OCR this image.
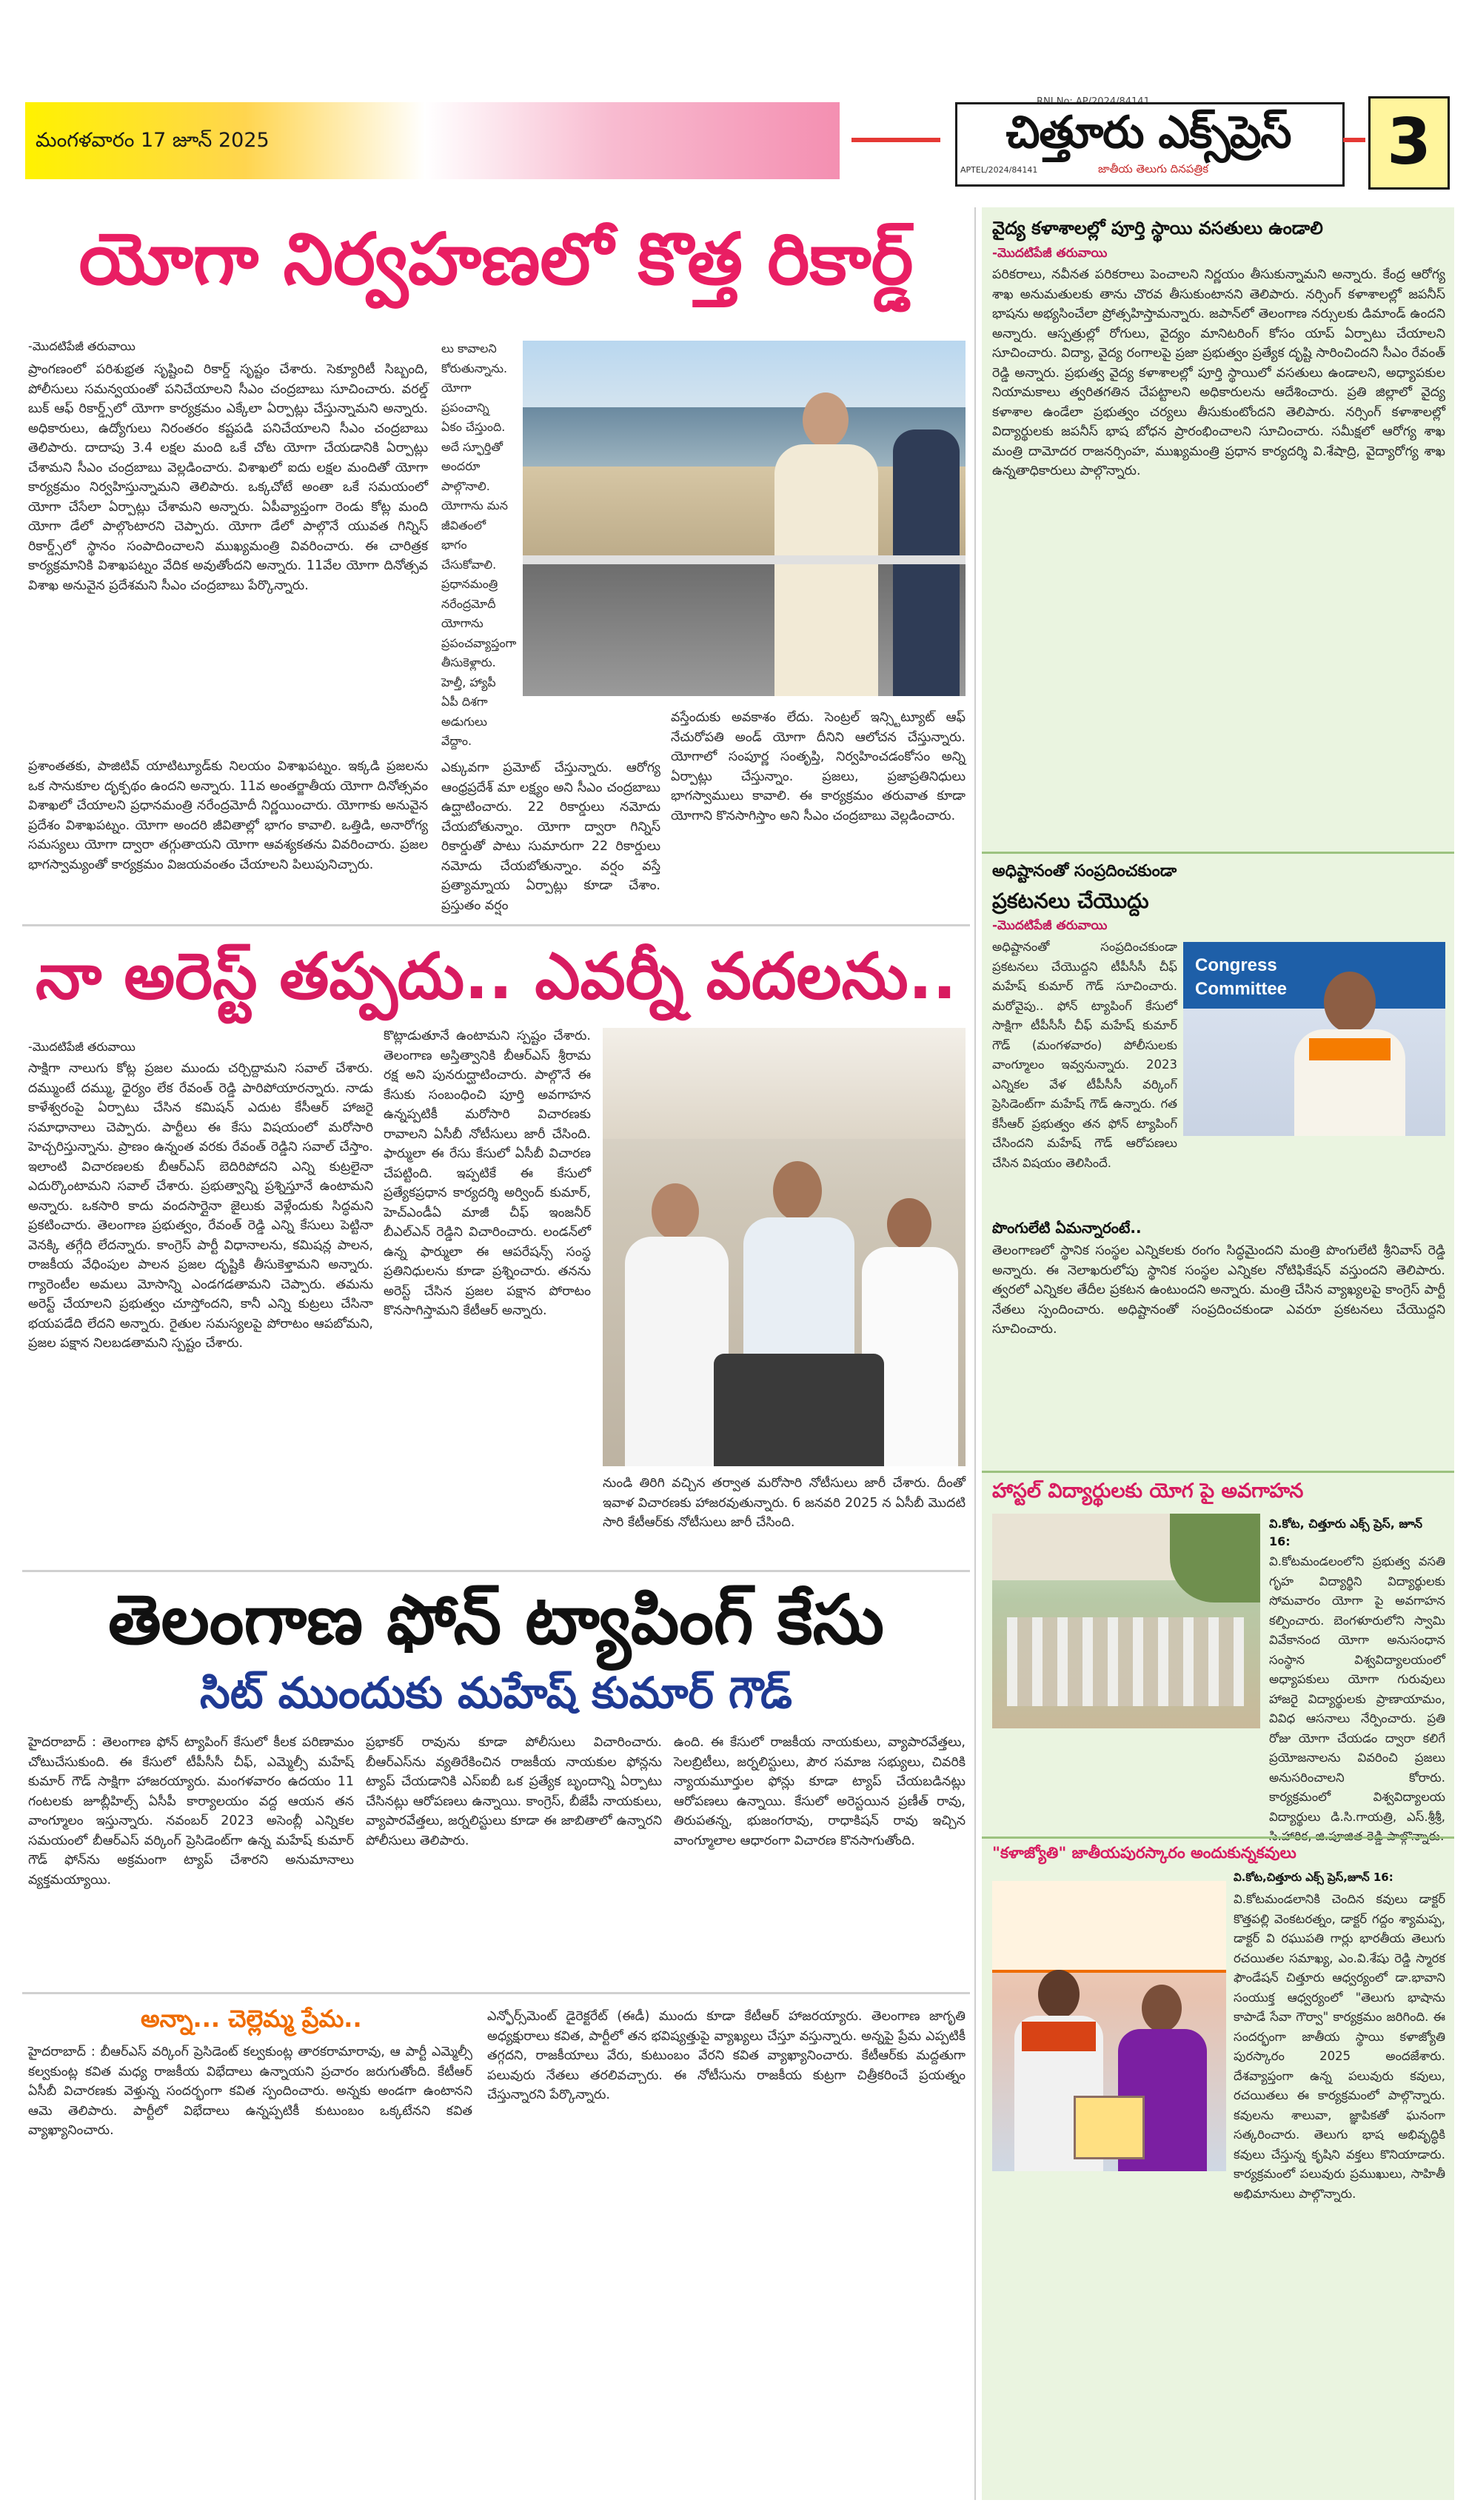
మంగళవారం 17 జూన్ 2025	చిత్తూరు ఎక్స్‌ప్రెస్
జాతీయ తెలుగు దినపత్రిక
APTEL/2024/84141	3
యోగా నిర్వహణలో కొత్త రికార్డ్
-మొదటిపేజీ తరువాయి
ప్రాంగణంలో పరిశుభ్రత సృష్టించి రికార్డ్ సృష్టం చేశారు. సెక్యూరిటీ సిబ్బంది, పోలీసులు సమన్వయంతో పనిచేయాలని సీఎం చంద్రబాబు సూచించారు. వరల్డ్ బుక్ ఆఫ్ రికార్డ్స్‌లో యోగా కార్యక్రమం ఎక్కేలా ఏర్పాట్లు చేస్తున్నామని అన్నారు. అధికారులు, ఉద్యోగులు నిరంతరం కష్టపడి పనిచేయాలని సీఎం చంద్రబాబు తెలిపారు. దాదాపు 3.4 లక్షల మంది ఒకే చోట యోగా చేయడానికి ఏర్పాట్లు చేశామని సీఎం చంద్రబాబు వెల్లడించారు. విశాఖలో ఐదు లక్షల మందితో యోగా కార్యక్రమం నిర్వహిస్తున్నామని తెలిపారు. ఒక్కచోటే అంతా ఒకే సమయంలో యోగా చేసేలా ఏర్పాట్లు చేశామని అన్నారు. ఏపీవ్యాప్తంగా రెండు కోట్ల మంది యోగా డేలో పాల్గొంటారని చెప్పారు. యోగా డేలో పాల్గొనే యువత గిన్నిస్ రికార్డ్స్‌లో స్థానం సంపాదించాలని ముఖ్యమంత్రి వివరించారు. ఈ చారిత్రక కార్యక్రమానికి విశాఖపట్నం వేదిక అవుతోందని అన్నారు. 11వేల యోగా దినోత్సవ విశాఖ అనువైన ప్రదేశమని సీఎం చంద్రబాబు పేర్కొన్నారు.
ప్రశాంతతకు, పాజిటివ్ యాటిట్యూడ్‌కు నిలయం విశాఖపట్నం. ఇక్కడి ప్రజలను ఒక సానుకూల దృక్పథం ఉందని అన్నారు. 11వ అంతర్జాతీయ యోగా దినోత్సవం విశాఖలో చేయాలని ప్రధానమంత్రి నరేంద్రమోదీ నిర్ణయించారు. యోగాకు అనువైన ప్రదేశం విశాఖపట్నం. యోగా అందరి జీవితాల్లో భాగం కావాలి. ఒత్తిడి, అనారోగ్య సమస్యలు యోగా ద్వారా తగ్గుతాయని యోగా ఆవశ్యకతను వివరించారు. ప్రజల భాగస్వామ్యంతో కార్యక్రమం విజయవంతం చేయాలని పిలుపునిచ్చారు.
లు కావాలని కోరుతున్నాను. యోగా ప్రపంచాన్ని ఏకం చేస్తుంది. అదే స్ఫూర్తితో అందరూ పాల్గొనాలి. యోగాను మన జీవితంలో భాగం చేసుకోవాలి. ప్రధానమంత్రి నరేంద్రమోదీ యోగాను ప్రపంచవ్యాప్తంగా తీసుకెళ్లారు. హెల్తీ, హ్యాపీ ఏపీ దిశగా అడుగులు వేద్దాం.
ఎక్కువగా ప్రమోట్ చేస్తున్నారు. ఆరోగ్య ఆంధ్రప్రదేశ్ మా లక్ష్యం అని సీఎం చంద్రబాబు ఉద్ఘాటించారు. 22 రికార్డులు నమోదు చేయబోతున్నాం. యోగా ద్వారా గిన్నిస్ రికార్డుతో పాటు సుమారుగా 22 రికార్డులు నమోదు చేయబోతున్నాం. వర్షం వస్తే ప్రత్యామ్నాయ ఏర్పాట్లు కూడా చేశాం. ప్రస్తుతం వర్షం
వస్తేందుకు అవకాశం లేదు. సెంట్రల్ ఇన్స్టిట్యూట్ ఆఫ్ నేచురోపతి అండ్ యోగా దీనిని ఆలోచన చేస్తున్నారు. యోగాలో సంపూర్ణ సంతృప్తి, నిర్వహించడంకోసం అన్ని ఏర్పాట్లు చేస్తున్నాం. ప్రజలు, ప్రజాప్రతినిధులు భాగస్వాములు కావాలి. ఈ కార్యక్రమం తరువాత కూడా యోగాని కొనసాగిస్తాం అని సీఎం చంద్రబాబు వెల్లడించారు.
నా అరెస్ట్ తప్పదు.. ఎవర్నీ వదలను..
-మొదటిపేజీ తరువాయి
సాక్షిగా నాలుగు కోట్ల ప్రజల ముందు చర్చిద్దామని సవాల్ చేశారు. దమ్ముంటే దమ్ము, ధైర్యం లేక రేవంత్ రెడ్డి పారిపోయారన్నారు. నాడు కాళేశ్వరంపై ఏర్పాటు చేసిన కమిషన్ ఎదుట కేసీఆర్ హాజరై సమాధానాలు చెప్పారు. పార్టీలు ఈ కేసు విషయంలో మరోసారి హెచ్చరిస్తున్నాను. ప్రాణం ఉన్నంత వరకు రేవంత్ రెడ్డిని సవాల్ చేస్తాం. ఇలాంటి విచారణలకు బీఆర్ఎస్ బెదిరిపోదని ఎన్ని కుట్రలైనా ఎదుర్కొంటామని సవాల్ చేశారు. ప్రభుత్వాన్ని ప్రశ్నిస్తూనే ఉంటామని అన్నారు. ఒకసారి కాదు వందసార్లైనా జైలుకు వెళ్లేందుకు సిద్ధమని ప్రకటించారు. తెలంగాణ ప్రభుత్వం, రేవంత్ రెడ్డి ఎన్ని కేసులు పెట్టినా వెనక్కి తగ్గేది లేదన్నారు. కాంగ్రెస్ పార్టీ విధానాలను, కమిషన్ల పాలన, రాజకీయ వేధింపుల పాలన ప్రజల దృష్టికి తీసుకెళ్తామని అన్నారు. గ్యారెంటీల అమలు మోసాన్ని ఎండగడతామని చెప్పారు. తమను అరెస్ట్ చేయాలని ప్రభుత్వం చూస్తోందని, కానీ ఎన్ని కుట్రలు చేసినా భయపడేది లేదని అన్నారు. రైతుల సమస్యలపై పోరాటం ఆపబోమని, ప్రజల పక్షాన నిలబడతామని స్పష్టం చేశారు.
కొట్లాడుతూనే ఉంటామని స్పష్టం చేశారు. తెలంగాణ అస్తిత్వానికి బీఆర్ఎస్ శ్రీరామ రక్ష అని పునరుద్ఘాటించారు. పాల్గొనే ఈ కేసుకు సంబంధించి పూర్తి అవగాహన ఉన్నప్పటికీ మరోసారి విచారణకు రావాలని ఏసీబీ నోటీసులు జారీ చేసింది. ఫార్ములా ఈ రేసు కేసులో ఏసీబీ విచారణ చేపట్టింది. ఇప్పటికే ఈ కేసులో ప్రత్యేకప్రధాన కార్యదర్శి అర్వింద్ కుమార్, హెచ్ఎండీఏ మాజీ చీఫ్ ఇంజనీర్ బీఎల్ఎన్ రెడ్డిని విచారించారు. లండన్‌లో ఉన్న ఫార్ములా ఈ ఆపరేషన్స్ సంస్థ ప్రతినిధులను కూడా ప్రశ్నించారు. తనను అరెస్ట్ చేసిన ప్రజల పక్షాన పోరాటం కొనసాగిస్తామని కేటీఆర్ అన్నారు.
నుండి తిరిగి వచ్చిన తర్వాత మరోసారి నోటీసులు జారీ చేశారు. దీంతో ఇవాళ విచారణకు హాజరవుతున్నారు. 6 జనవరి 2025 న ఏసీబీ మొదటి సారి కేటీఆర్‌కు నోటీసులు జారీ చేసింది.
తెలంగాణ ఫోన్ ట్యాపింగ్ కేసు
సిట్ ముందుకు మహేష్ కుమార్ గౌడ్
హైదరాబాద్ : తెలంగాణ ఫోన్ ట్యాపింగ్ కేసులో కీలక పరిణామం చోటుచేసుకుంది. ఈ కేసులో టీపీసీసీ చీఫ్, ఎమ్మెల్సీ మహేష్ కుమార్ గౌడ్ సాక్షిగా హాజరయ్యారు. మంగళవారం ఉదయం 11 గంటలకు జూబ్లీహిల్స్ ఏసీపీ కార్యాలయం వద్ద ఆయన తన వాంగ్మూలం ఇస్తున్నారు. నవంబర్ 2023 అసెంబ్లీ ఎన్నికల సమయంలో బీఆర్ఎస్ వర్కింగ్ ప్రెసిడెంట్‌గా ఉన్న మహేష్ కుమార్ గౌడ్ ఫోన్‌ను అక్రమంగా ట్యాప్ చేశారని అనుమానాలు వ్యక్తమయ్యాయి.
ప్రభాకర్ రావును కూడా పోలీసులు విచారించారు. బీఆర్ఎస్‌ను వ్యతిరేకించిన రాజకీయ నాయకుల ఫోన్లను ట్యాప్ చేయడానికి ఎస్ఐబీ ఒక ప్రత్యేక బృందాన్ని ఏర్పాటు చేసినట్లు ఆరోపణలు ఉన్నాయి. కాంగ్రెస్, బీజేపీ నాయకులు, వ్యాపారవేత్తలు, జర్నలిస్టులు కూడా ఈ జాబితాలో ఉన్నారని పోలీసులు తెలిపారు.
ఉంది. ఈ కేసులో రాజకీయ నాయకులు, వ్యాపారవేత్తలు, సెలబ్రిటీలు, జర్నలిస్టులు, పౌర సమాజ సభ్యులు, చివరికి న్యాయమూర్తుల ఫోన్లు కూడా ట్యాప్ చేయబడినట్లు ఆరోపణలు ఉన్నాయి. కేసులో అరెస్టయిన ప్రణీత్ రావు, తిరుపతన్న, భుజంగరావు, రాధాకిషన్ రావు ఇచ్చిన వాంగ్మూలాల ఆధారంగా విచారణ కొనసాగుతోంది.
అన్నా... చెల్లెమ్మ ప్రేమ..
హైదరాబాద్ : బీఆర్ఎస్ వర్కింగ్ ప్రెసిడెంట్ కల్వకుంట్ల తారకరామారావు, ఆ పార్టీ ఎమ్మెల్సీ కల్వకుంట్ల కవిత మధ్య రాజకీయ విభేదాలు ఉన్నాయని ప్రచారం జరుగుతోంది. కేటీఆర్ ఏసీబీ విచారణకు వెళ్తున్న సందర్భంగా కవిత స్పందించారు. అన్నకు అండగా ఉంటానని ఆమె తెలిపారు. పార్టీలో విభేదాలు ఉన్నప్పటికీ కుటుంబం ఒక్కటేనని కవిత వ్యాఖ్యానించారు.
ఎన్ఫోర్స్‌మెంట్ డైరెక్టరేట్ (ఈడీ) ముందు కూడా కేటీఆర్ హాజరయ్యారు. తెలంగాణ జాగృతి అధ్యక్షురాలు కవిత, పార్టీలో తన భవిష్యత్తుపై వ్యాఖ్యలు చేస్తూ వస్తున్నారు. అన్నపై ప్రేమ ఎప్పటికీ తగ్గదని, రాజకీయాలు వేరు, కుటుంబం వేరని కవిత వ్యాఖ్యానించారు. కేటీఆర్‌కు మద్దతుగా పలువురు నేతలు తరలివచ్చారు. ఈ నోటీసును రాజకీయ కుట్రగా చిత్రీకరించే ప్రయత్నం చేస్తున్నారని పేర్కొన్నారు.
వైద్య కళాశాలల్లో పూర్తి స్థాయి వసతులు ఉండాలి
-మొదటిపేజీ తరువాయి
పరికరాలు, నవీనత పరికరాలు పెంచాలని నిర్ణయం తీసుకున్నామని అన్నారు. కేంద్ర ఆరోగ్య శాఖ అనుమతులకు తాను చొరవ తీసుకుంటానని తెలిపారు. నర్సింగ్ కళాశాలల్లో జపనీస్ భాషను అభ్యసించేలా ప్రోత్సహిస్తామన్నారు. జపాన్‌లో తెలంగాణ నర్సులకు డిమాండ్ ఉందని అన్నారు. ఆస్పత్రుల్లో రోగులు, వైద్యం మానిటరింగ్ కోసం యాప్ ఏర్పాటు చేయాలని సూచించారు. విద్యా, వైద్య రంగాలపై ప్రజా ప్రభుత్వం ప్రత్యేక దృష్టి సారించిందని సీఎం రేవంత్ రెడ్డి అన్నారు. ప్రభుత్వ వైద్య కళాశాలల్లో పూర్తి స్థాయిలో వసతులు ఉండాలని, అధ్యాపకుల నియామకాలు త్వరితగతిన చేపట్టాలని అధికారులను ఆదేశించారు. ప్రతి జిల్లాలో వైద్య కళాశాల ఉండేలా ప్రభుత్వం చర్యలు తీసుకుంటోందని తెలిపారు. నర్సింగ్ కళాశాలల్లో విద్యార్థులకు జపనీస్ భాష బోధన ప్రారంభించాలని సూచించారు. సమీక్షలో ఆరోగ్య శాఖ మంత్రి దామోదర రాజనర్సింహ, ముఖ్యమంత్రి ప్రధాన కార్యదర్శి వి.శేషాద్రి, వైద్యారోగ్య శాఖ ఉన్నతాధికారులు పాల్గొన్నారు.
అధిష్టానంతో సంప్రదించకుండా
ప్రకటనలు చేయొద్దు
-మొదటిపేజీ తరువాయి
అధిష్టానంతో సంప్రదించకుండా ప్రకటనలు చేయొద్దని టీపీసీసీ చీఫ్ మహేష్ కుమార్ గౌడ్ సూచించారు. మరోవైపు.. ఫోన్ ట్యాపింగ్ కేసులో సాక్షిగా టీపీసీసీ చీఫ్ మహేష్ కుమార్ గౌడ్ (మంగళవారం) పోలీసులకు వాంగ్మూలం ఇవ్వనున్నారు. 2023 ఎన్నికల వేళ టీపీసీసీ వర్కింగ్ ప్రెసిడెంట్‌గా మహేష్ గౌడ్ ఉన్నారు. గత కేసీఆర్ ప్రభుత్వం తన ఫోన్ ట్యాపింగ్ చేసిందని మహేష్ గౌడ్ ఆరోపణలు చేసిన విషయం తెలిసిందే.
Congress
Committee
పొంగులేటి ఏమన్నారంటే..
తెలంగాణలో స్థానిక సంస్థల ఎన్నికలకు రంగం సిద్ధమైందని మంత్రి పొంగులేటి శ్రీనివాస్ రెడ్డి అన్నారు. ఈ నెలాఖరులోపు స్థానిక సంస్థల ఎన్నికల నోటిఫికేషన్ వస్తుందని తెలిపారు. త్వరలో ఎన్నికల తేదీల ప్రకటన ఉంటుందని అన్నారు. మంత్రి చేసిన వ్యాఖ్యలపై కాంగ్రెస్ పార్టీ నేతలు స్పందించారు. అధిష్టానంతో సంప్రదించకుండా ఎవరూ ప్రకటనలు చేయొద్దని సూచించారు.
హాస్టల్ విద్యార్థులకు యోగ పై అవగాహన
వి.కోట, చిత్తూరు ఎక్స్ ప్రెస్, జూన్ 16:
వి.కోటమండలంలోని ప్రభుత్వ వసతి గృహ విద్యార్థిని విద్యార్థులకు సోమవారం యోగా పై అవగాహన కల్పించారు. బెంగళూరులోని స్వామి వివేకానంద యోగా అనుసంధాన సంస్థాన విశ్వవిద్యాలయంలో అధ్యాపకులు యోగా గురువులు హాజరై విద్యార్థులకు ప్రాణాయామం, వివిధ ఆసనాలు నేర్పించారు. ప్రతి రోజు యోగా చేయడం ద్వారా కలిగే ప్రయోజనాలను వివరించి ప్రజలు అనుసరించాలని కోరారు. కార్యక్రమంలో విశ్వవిద్యాలయ విద్యార్థులు డి.సి.గాయత్రి, ఎస్.శ్రీశ్రీ,
"కళాజ్యోతి" జాతీయపురస్కారం అందుకున్నకవులు
వి.కోట,చిత్తూరు ఎక్స్ ప్రెస్,జూన్ 16:
వి.కోటమండలానికి చెందిన కవులు డాక్టర్ కొత్తపల్లి వెంకటరత్నం, డాక్టర్ గద్దం శ్యామప్ప, డాక్టర్ వి రఘుపతి గార్లు భారతీయ తెలుగు రచయితల సమాఖ్య, ఎం.వి.శేషు రెడ్డి స్మారక ఫౌండేషన్ చిత్తూరు ఆధ్వర్యంలో డా.భావాని సంయుక్త ఆధ్వర్యంలో "తెలుగు భాషాను కాపాడే సేవా గౌర్వా" కార్యక్రమం జరిగింది. ఈ సందర్భంగా జాతీయ స్థాయి కళాజ్యోతి పురస్కారం 2025 అందజేశారు. దేశవ్యాప్తంగా ఉన్న పలువురు కవులు, రచయితలు ఈ కార్యక్రమంలో పాల్గొన్నారు. కవులను శాలువా, జ్ఞాపికతో ఘనంగా సత్కరించారు. తెలుగు భాష అభివృద్ధికి కవులు చేస్తున్న కృషిని వక్తలు కొనియాడారు. కార్యక్రమంలో పలువురు ప్రముఖులు, సాహితీ అభిమానులు పాల్గొన్నారు.
